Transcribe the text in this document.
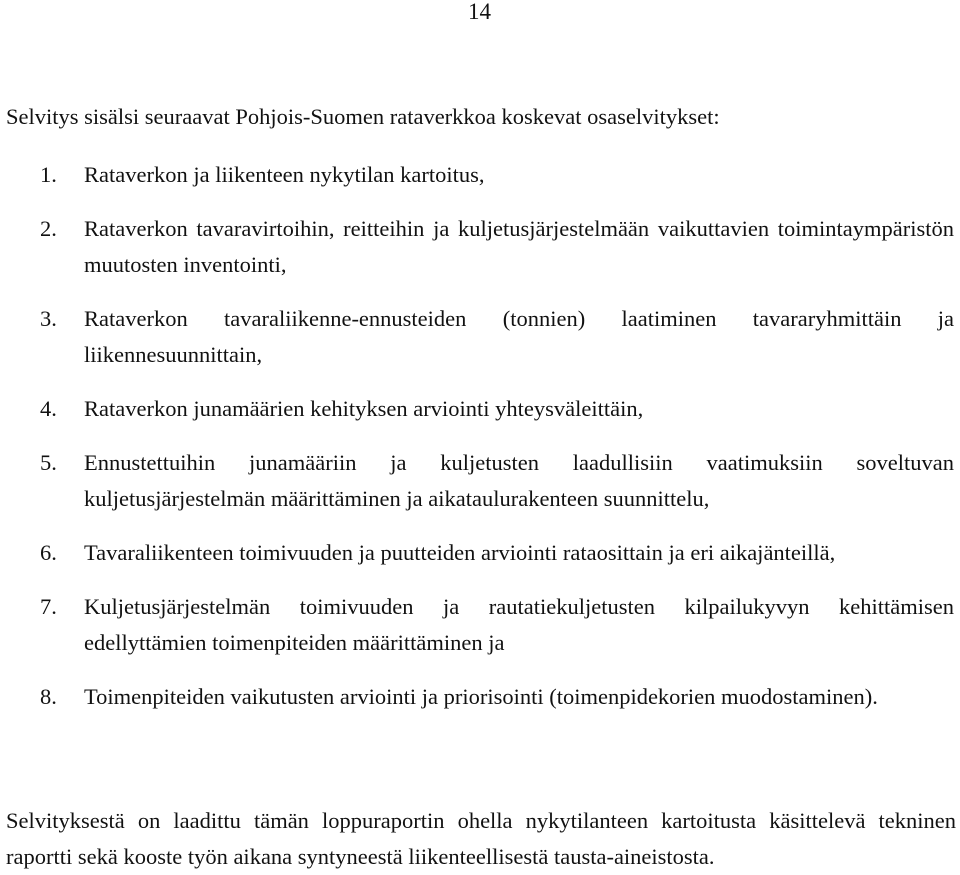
14

Selvitys sisälsi seuraavat Pohjois-Suomen rataverkkoa koskevat osaselvitykset:

1. Rataverkon ja liikenteen nykytilan kartoitus,
2. Rataverkon tavaravirtoihin, reitteihin ja kuljetusjärjestelmään vaikuttavien toimintaympäristön muutosten inventointi,
3. Rataverkon tavaraliikenne-ennusteiden (tonnien) laatiminen tavararyhmittäin ja liikennesuunnittain,
4. Rataverkon junamäärien kehityksen arviointi yhteysväleittäin,
5. Ennustettuihin junamääriin ja kuljetusten laadullisiin vaatimuksiin soveltuvan kuljetusjärjestelmän määrittäminen ja aikataulurakenteen suunnittelu,
6. Tavaraliikenteen toimivuuden ja puutteiden arviointi rataosittain ja eri aikajänteillä,
7. Kuljetusjärjestelmän toimivuuden ja rautatiekuljetusten kilpailukyvyn kehittämisen edellyttämien toimenpiteiden määrittäminen ja
8. Toimenpiteiden vaikutusten arviointi ja priorisointi (toimenpidekorien muodostaminen).

Selvityksestä on laadittu tämän loppuraportin ohella nykytilanteen kartoitusta käsittelevä tekninen raportti sekä kooste työn aikana syntyneestä liikenteellisestä tausta-aineistosta.
